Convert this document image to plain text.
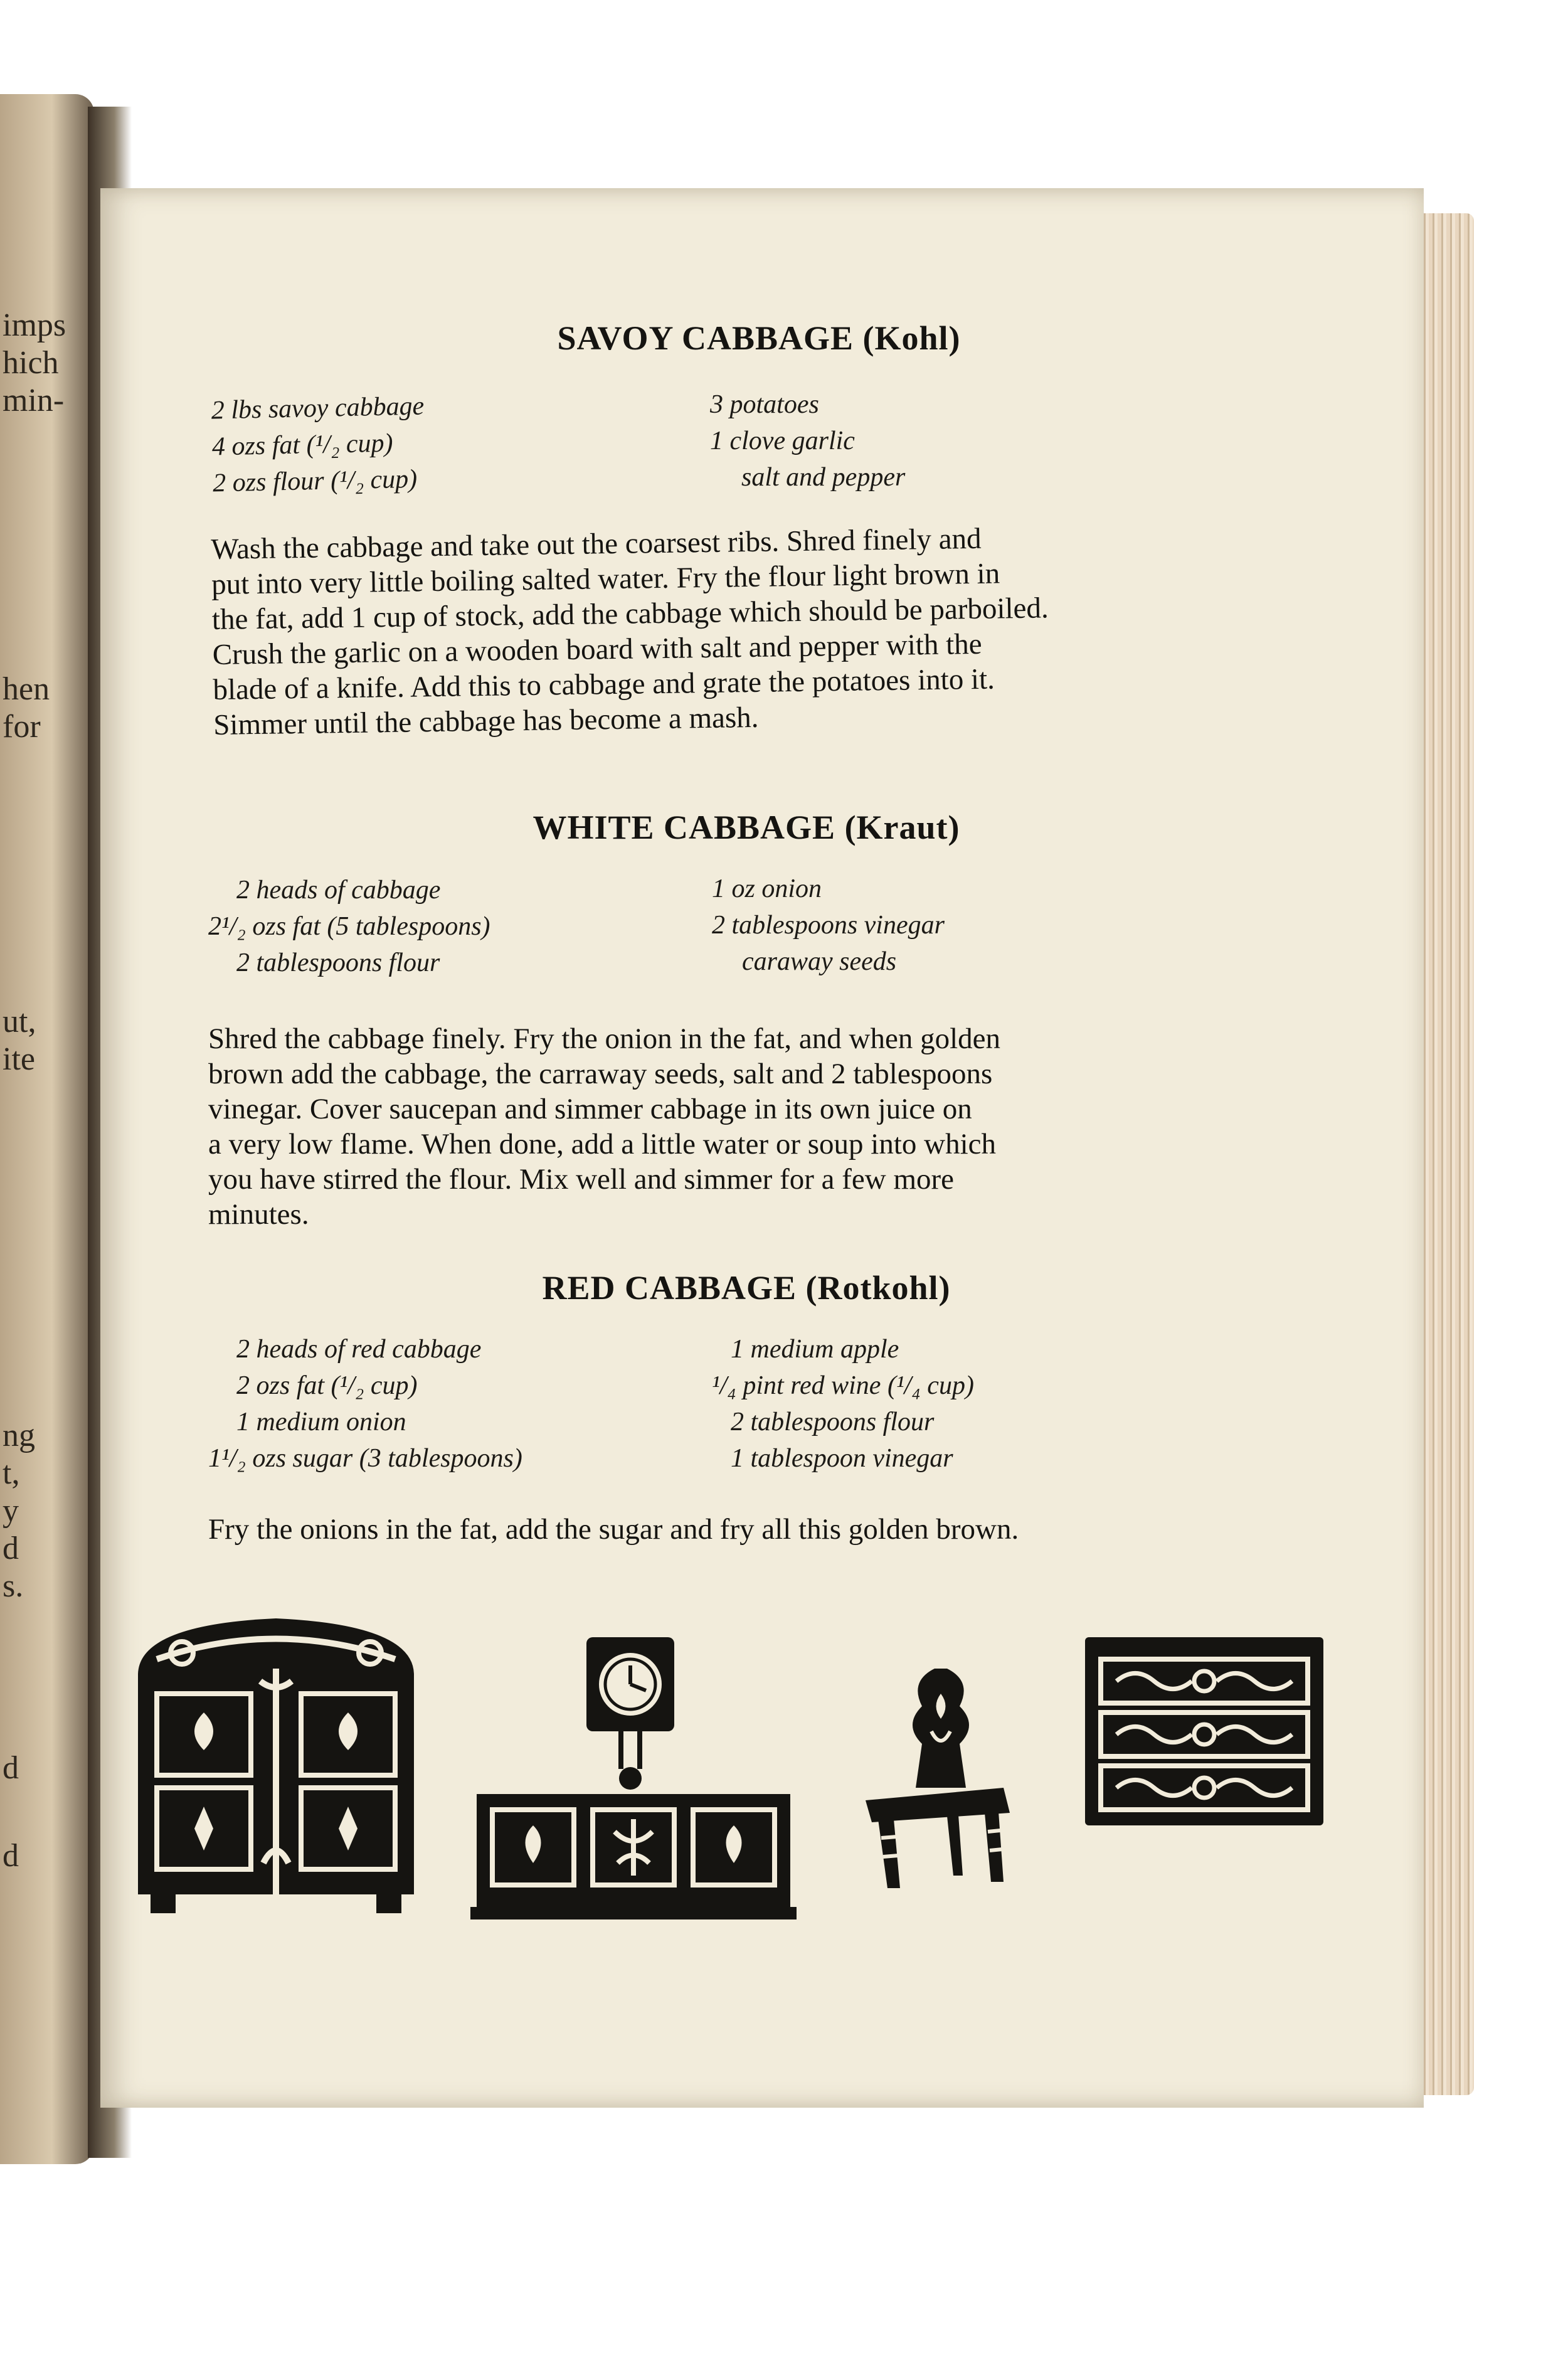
imps
hich
min-
hen
for
ut,
ite
ng
t,
y
d
s.
d
d
SAVOY CABBAGE (Kohl)
2 lbs savoy cabbage
4 ozs fat (¹/₂ cup)
2 ozs flour (¹/₂ cup)
3 potatoes
1 clove garlic
salt and pepper
Wash the cabbage and take out the coarsest ribs. Shred finely and
put into very little boiling salted water. Fry the flour light brown in
the fat, add 1 cup of stock, add the cabbage which should be parboiled.
Crush the garlic on a wooden board with salt and pepper with the
blade of a knife. Add this to cabbage and grate the potatoes into it.
Simmer until the cabbage has become a mash.
WHITE CABBAGE (Kraut)
2 heads of cabbage
2¹/₂ ozs fat (5 tablespoons)
2 tablespoons flour
1 oz onion
2 tablespoons vinegar
caraway seeds
Shred the cabbage finely. Fry the onion in the fat, and when golden
brown add the cabbage, the carraway seeds, salt and 2 tablespoons
vinegar. Cover saucepan and simmer cabbage in its own juice on
a very low flame. When done, add a little water or soup into which
you have stirred the flour. Mix well and simmer for a few more
minutes.
RED CABBAGE (Rotkohl)
2 heads of red cabbage
2 ozs fat (¹/₂ cup)
1 medium onion
1¹/₂ ozs sugar (3 tablespoons)
1 medium apple
¹/₄ pint red wine (¹/₄ cup)
2 tablespoons flour
1 tablespoon vinegar
Fry the onions in the fat, add the sugar and fry all this golden brown.
